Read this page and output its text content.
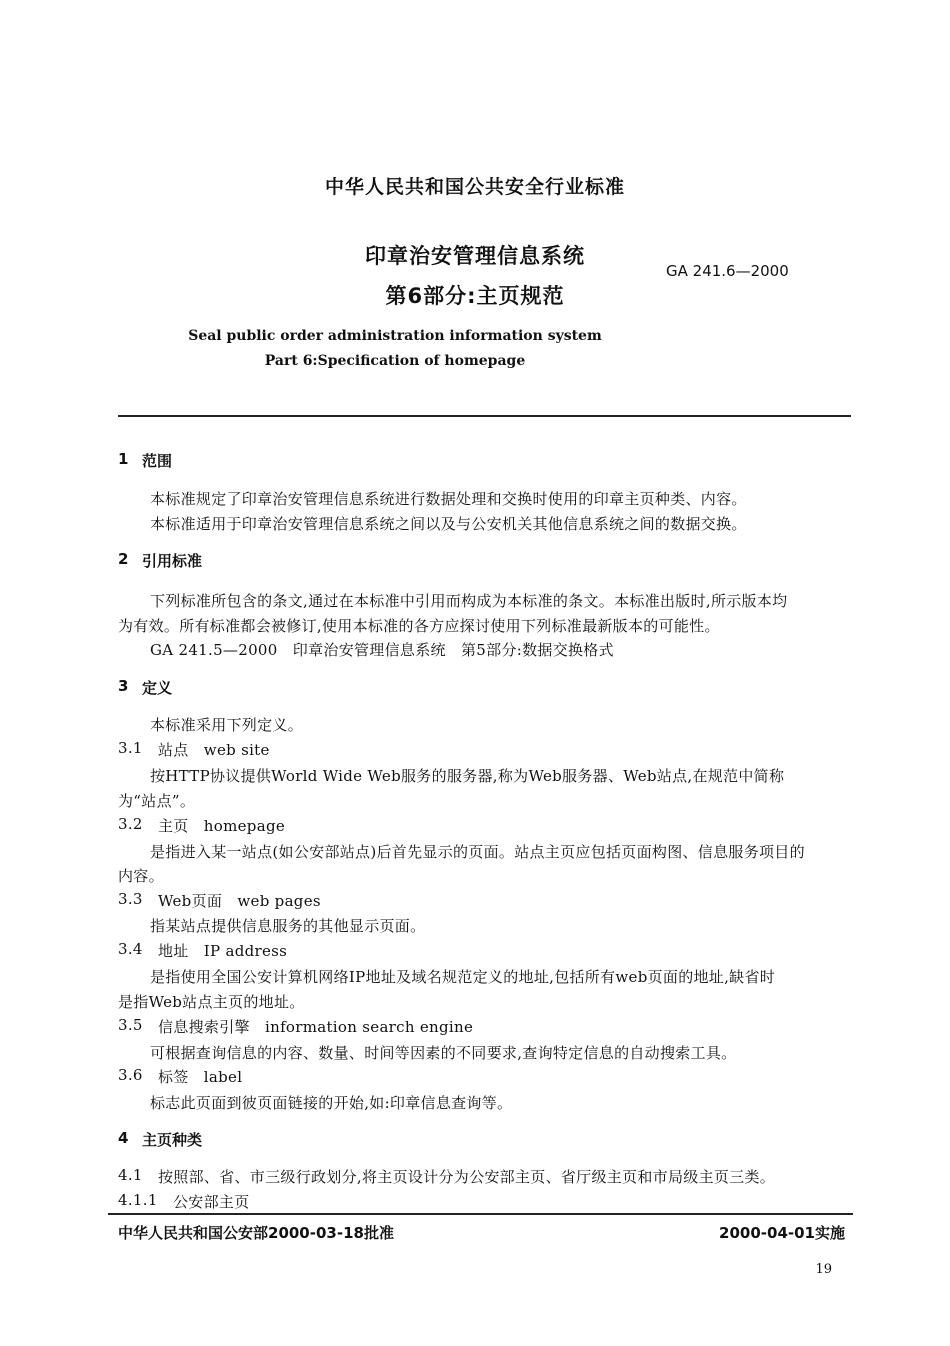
中华人民共和国公共安全行业标准
印章治安管理信息系统
第6部分:主页规范
GA 241.6—2000
Seal public order administration information system
Part 6:Specification of homepage
1 范围
本标准规定了印章治安管理信息系统进行数据处理和交换时使用的印章主页种类、内容。
本标准适用于印章治安管理信息系统之间以及与公安机关其他信息系统之间的数据交换。
2 引用标准
下列标准所包含的条文,通过在本标准中引用而构成为本标准的条文。本标准出版时,所示版本均
为有效。所有标准都会被修订,使用本标准的各方应探讨使用下列标准最新版本的可能性。
GA 241.5—2000   印章治安管理信息系统   第5部分:数据交换格式
3 定义
本标准采用下列定义。
3.1 站点   web site
按HTTP协议提供World Wide Web服务的服务器,称为Web服务器、Web站点,在规范中简称
为“站点”。
3.2 主页   homepage
是指进入某一站点(如公安部站点)后首先显示的页面。站点主页应包括页面构图、信息服务项目的
内容。
3.3 Web页面   web pages
指某站点提供信息服务的其他显示页面。
3.4 地址   IP address
是指使用全国公安计算机网络IP地址及域名规范定义的地址,包括所有web页面的地址,缺省时
是指Web站点主页的地址。
3.5 信息搜索引擎   information search engine
可根据查询信息的内容、数量、时间等因素的不同要求,查询特定信息的自动搜索工具。
3.6 标签   label
标志此页面到彼页面链接的开始,如:印章信息查询等。
4 主页种类
4.1 按照部、省、市三级行政划分,将主页设计分为公安部主页、省厅级主页和市局级主页三类。
4.1.1 公安部主页
中华人民共和国公安部2000-03-18批准	2000-04-01实施
19
